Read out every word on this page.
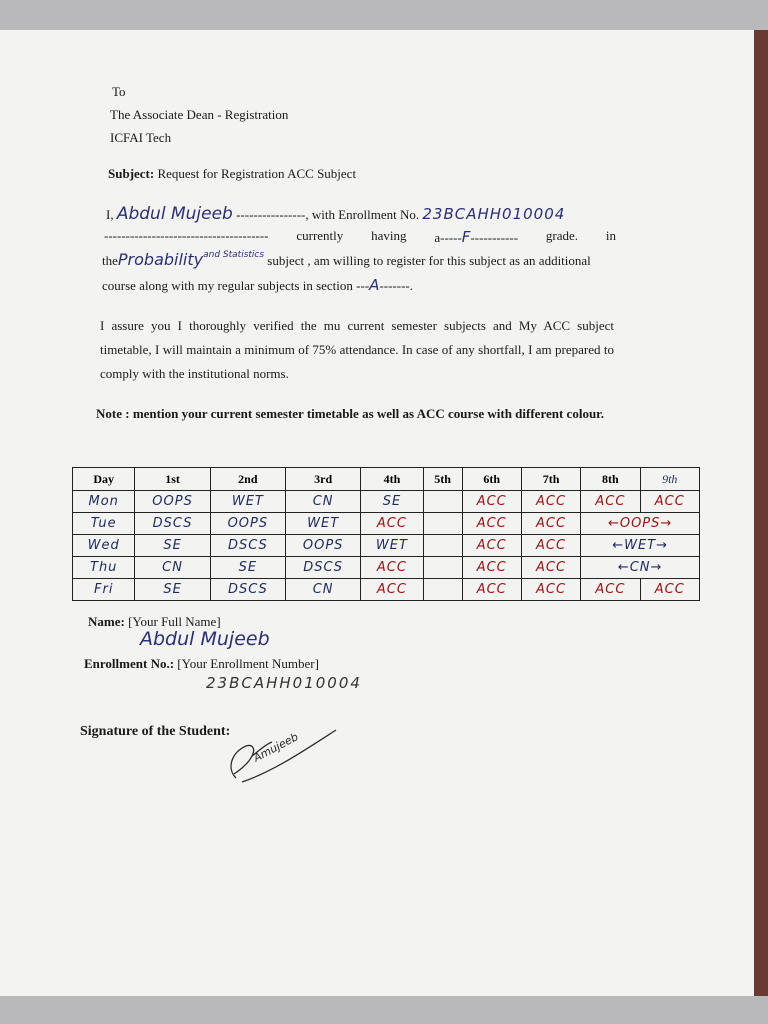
To
The Associate Dean - Registration
ICFAI Tech
Subject: Request for Registration ACC Subject
I, Abdul Mujeeb ----------------, with Enrollment No. 23BCAHH010004
-------------------------------------- currently having a-----F----------- grade. in
theProbability$^{and Statistics}$ subject , am willing to register for this subject as an additional
course along with my regular subjects in section ---A-------.
I assure you I thoroughly verified the mu current semester subjects and My ACC subject timetable, I will maintain a minimum of 75% attendance. In case of any shortfall, I am prepared to comply with the institutional norms.
Note : mention your current semester timetable as well as ACC course with different colour.
Day	1st	2nd	3rd	4th	5th	6th	7th	8th	9th
Mon	OOPS	WET	CN	SE		ACC	ACC	ACC	ACC
Tue	DSCS	OOPS	WET	ACC		ACC	ACC	←OOPS→	
Wed	SE	DSCS	OOPS	WET		ACC	ACC	←WET→	
Thu	CN	SE	DSCS	ACC		ACC	ACC	←CN→	
Fri	SE	DSCS	CN	ACC		ACC	ACC	ACC	ACC
Name: [Your Full Name]
Abdul Mujeeb
Enrollment No.: [Your Enrollment Number]
23BCAHH010004
Signature of the Student: Amujeeb
